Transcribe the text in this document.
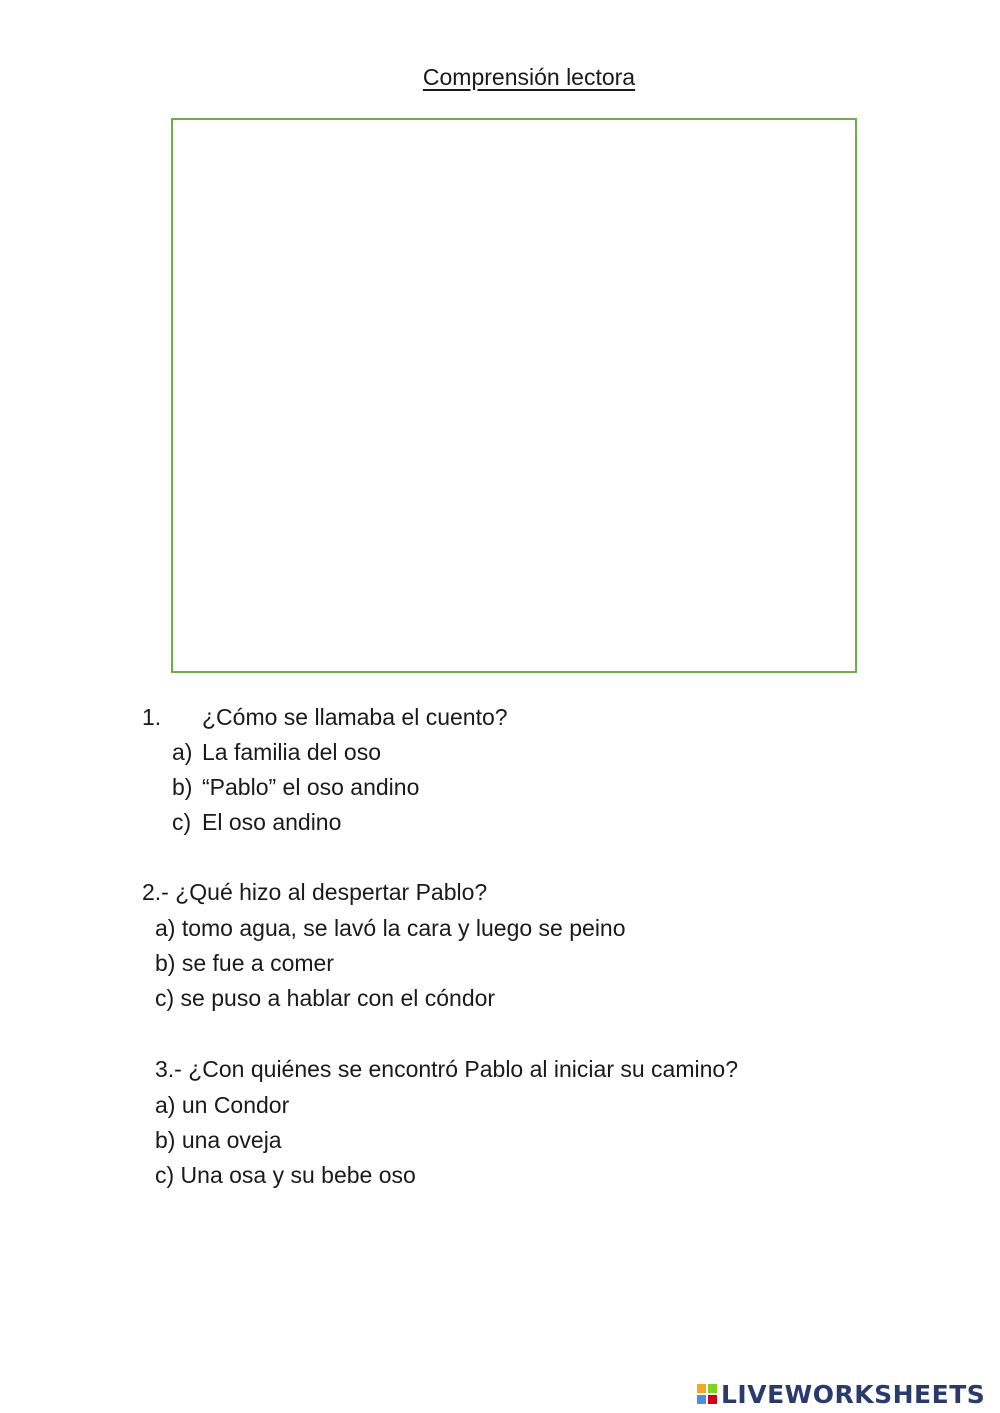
Comprensión lectora
1. ¿Cómo se llamaba el cuento?
a) La familia del oso
b) “Pablo” el oso andino
c) El oso andino
2.- ¿Qué hizo al despertar Pablo?
a) tomo agua, se lavó la cara y luego se peino
b) se fue a comer
c) se puso a hablar con el cóndor
3.- ¿Con quiénes se encontró Pablo al iniciar su camino?
a) un Condor
b) una oveja
c) Una osa y su bebe oso
LIVEWORKSHEETS
